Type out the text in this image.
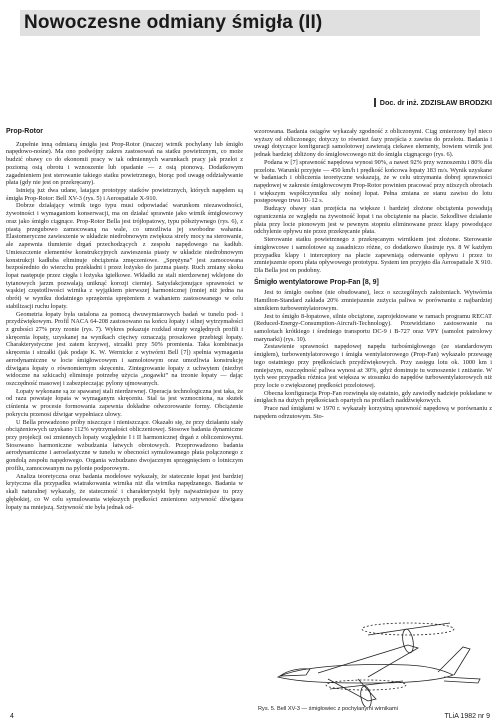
Nowoczesne odmiany śmigła (II)
Doc. dr inż. ZDZISŁAW BRODZKI
Prop-Rotor

Zupełnie inną odmianą śmigła jest Prop-Rotor (inaczej wirnik pochylany lub śmigło napędowo-nośne). Ma ono podwójny zakres zastosowań na statku powietrznym, co może budzić obawy co do ekonomii pracy w tak odmiennych warunkach pracy jak przelot z poziomą osią obrotu i wznoszenie lub opadanie — z osią pionową. Dodatkowym zagadnieniem jest sterowanie takiego statku powietrznego, biorąc pod uwagę oddziaływanie płata (gdy nie jest on przekręcany).

Istnieją już dwa udane, latające prototypy statków powietrznych, których napędem są śmigła Prop-Rotor: Bell XV-3 (rys. 5) i Aerospatiale X-910.

Dobrze działający wirnik tego typu musi odpowiadać warunkom niezawodności, żywotności i wymaganiom konserwacji, ma on działać sprawnie jako wirnik śmigłowcowy oraz jako śmigło ciągnące. Prop-Rotor Bella jest trójłopatowy, typu półsztywnego (rys. 6), z piastą przegubowo zamocowaną na wale, co umożliwia jej swobodne wahania. Elastomeryczne zawieszenie w układzie niedrobnowym zwiększa strefy mocy na sterowanie, ale zapewnia tłumienie drgań przechodzących z zespołu napędowego na kadłub. Umieszczenie elementów konstrukcyjnych zawieszenia piasty w układzie niedrobnowym konstrukcji kadłuba eliminuje obciążenia zmęczeniowe. „Sprężyna” jest zamocowana bezpośrednio do wierzchu przekładni i przez łożysko do jarzma piasty. Ruch zmiany skoku łopat następuje przez cięgła i łożyska igiełkowe. Wkładki ze stali nierdzewnej wklejone do tytanowych jarzm pozwalają uniknąć korozji cierniej. Satysfakcjonujące sprawności w wąskiej częstotliwości wirnika z wyjątkiem pierwszej harmonicznej (mniej niż jedna na obrót) w wyniku dodatniego sprzężenia sprężeniem z wahaniem zastosowanego w celu stabilizacji ruchu łopaty.

Geometria łopaty była ustalona za pomocą dwuwymiarowych badań w tunelu pod- i przydźwiękowym. Profil NACA 64-208 zastosowano na końcu łopaty i silnej wytrzymałości z grubości 27% przy rzonie (rys. 7). Wykres pokazuje rozkład straty względnych profili i skręcenia łopaty, uzyskanej na wynikach cięciwy oznaczają proszkowe przebiegi łopaty. Charakterystyczne jest zatem krzywej, strzałki przy 50% promienia. Taka kombinacja skręcenia i strzałki (jak podaje K. W. Wernicke z wytwórni Bell [7]) spełnia wymagania aerodynamiczne w locie śmigłowcowym i samolotowym oraz umożliwia konstrukcję dźwigara łopaty o równomiernym skręceniu. Zintegrowanie łopaty z uchwytem (niezbyt widoczne na szkicach) eliminuje potrzebę użycia „nogawki” na trzonie łopaty — dając oszczędność masowej i zabezpieczając pylony ujmowanych.

Łopaty wykonane są ze spawanej stali nierdzewnej. Operacja technologiczna jest taka, że od razu powstaje łopata w wymaganym skręceniu. Stal ta jest wzmocniona, na skutek ciśnienia w procesie formowania zapewnia dokładne odwzorowanie formy. Obciążenie pokryciu przenosi dźwigar wypełniacz ulowy.

U Bella prowadzono próby niszczące i nieniszczące. Okazało się, że przy działaniu stały obciążeniowych uzyskano 112% wytrzymałości obliczeniowej. Stosowe badania dynamiczne przy projekcji osi zmiennych łopaty względnie I i II harmonicznej drgań z obliczeniowymi. Stosowano harmoniczne wzbudzania łatwych obrotowych. Przeprowadzono badania aerodynamiczne i aeroelastyczne w tunelu w obecności symulowanego płata połączonego z gondolą zespołu napędowego. Organia wzbudzano dwojacznym sprzęgnięciem o lotniczym profilu, zamocowanym na pylonie podporowym.

Analiza teoretyczna oraz badania modelowe wykazały, że statecznie łopat jest bardziej krytyczna dla przypadku wiatrakowania wirnika niż dla wirnika napędzanego. Badania w skali naturalnej wykazały, że stateczność i charakterystyki były najważniejsze tu przy głębokiej, co W celu symulowania większych prędkości zmieniono sztywność dźwigara łopaty na mniejszą. Sztywność nie była jednak od-

wzorowana. Badania osiągów wykazały zgodność z obliczonymi. Ciąg zmierzony był nieco wyższy od obliczonego; dotyczy to również fazy przejścia z zawisu do przelotu. Badania i uwagi dotyczące konfiguracji samolotowej zawierają ciekawe elementy, bowiem wirnik jest jednak bardziej zbliżony do śmigłowcowego niż do śmigła ciągnącego (rys. 6).

Podana w [7] sprawność napędowa wynosi 90%, a nawet 92% przy wznoszeniu i 80% dla przelotu. Warunki przyjęte — 450 km/h i prędkość końcowa łopaty 183 m/s. Wynik uzyskane w badaniach i obliczenia teoretyczne wskazują, że w celu utrzymania dobrej sprawności napędowej w zakresie śmigłowcowym Prop-Rotor powinien pracować przy niższych obrotach i większym współczynniku siły nośnej łopat. Pełna zmiana ze stanu zawisu do lotu postępowego trwa 10÷12 s.

Budzący obawy stan przejścia na większe i bardziej złożone obciążenia powodują ograniczenia ze względu na żywotność łopat i na obciążenie na płacie. Szkodliwe działanie płata przy locie pionowym jest w pewnym stopniu eliminowane przez klapy powodujące odchylenie opływu nie przez przekręcanie płata.

Sterowanie statku powietrznego z przekręcanym wirnikiem jest złożone. Sterowanie śmigłowcowe i samolotowe są zasadniczo różne, co dodatkowo ilustruje rys. 8 W każdym przypadku klapy i interceptory na płacie zapewniają oderwanie opływu i przez to zmniejszenie oporu płata opływowego prototypu. System ten przyjęto dla Aerospatiale X 910. Dla Bella jest on podobny.

Śmigło wentylatorowe Prop-Fan [8, 9]

Jest to śmigło osobne (nie obudowane), lecz o szczególnych założeniach. Wytwórnia Hamilton-Standard zakłada 20% zmniejszenie zużycia paliwa w porównaniu z najbardziej sinnikiem turbowentylatorowym.

Jest to śmigło 8-łopatowe, silnie obciążone, zaprojektowane w ramach programu RECAT (Reduced-Energy-Consumption-Aircraft-Technology). Przewidziano zastosowanie na samolotach krótkiego i średniego transportu DC-9 i B-727 oraz VPY (samolot patrolowy marynarki) (rys. 10).

Zestawienie sprawności napędowej napędu turbośmigłowego (ze standardowym śmigłem), turbowentylatorowego i śmigła wentylatorowego (Prop-Fan) wykazało przewagę tego ostatniego przy prędkościach przydźwiękowych. Przy zasięgu lotu ok. 1000 km i mniejszym, oszczędność paliwa wynosi aż 30%, gdyż dominuje tu wznoszenie i zniżanie. W tych wee przypadku różnica jest większa w stosunku do napędów turbowentylatorowych niż przy locie o zwiększonej prędkości przelotowej.

Obecna konfiguracja Prop-Fan rozwinęła się ostatnio, gdy zawiodły nadzieje pokładane w śmigłach na dużych prędkościach opartych na profilach naddźwiękowych.

Prace nad śmigłami w 1970 r. wykazały korzystną sprawność napędową w porównaniu z napędem odrzutowym. Sto-

Rys. 5. Bell XV-3 — śmigłowiec z pochylanymi wirnikami
4	TLiA 1982 nr 9
